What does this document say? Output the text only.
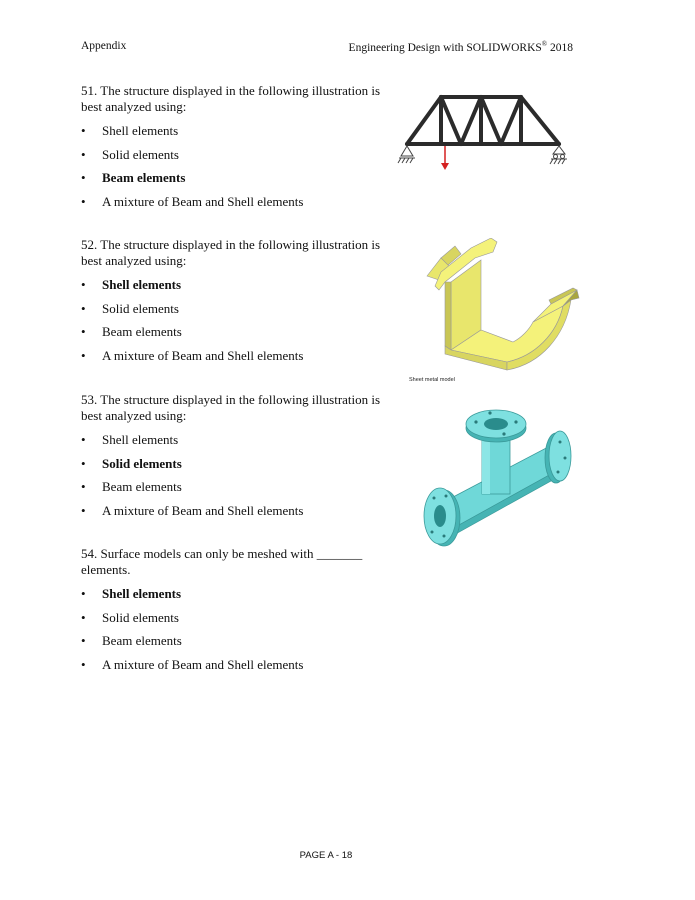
Appendix	Engineering Design with SOLIDWORKS® 2018

51. The structure displayed in the following illustration is best analyzed using:

• Shell elements
• Solid elements
• Beam elements
• A mixture of Beam and Shell elements

52. The structure displayed in the following illustration is best analyzed using:

• Shell elements
• Solid elements
• Beam elements
• A mixture of Beam and Shell elements

53. The structure displayed in the following illustration is best analyzed using:

• Shell elements
• Solid elements
• Beam elements
• A mixture of Beam and Shell elements

54. Surface models can only be meshed with _______ elements.

• Shell elements
• Solid elements
• Beam elements
• A mixture of Beam and Shell elements
Sheet metal model
PAGE A - 18
